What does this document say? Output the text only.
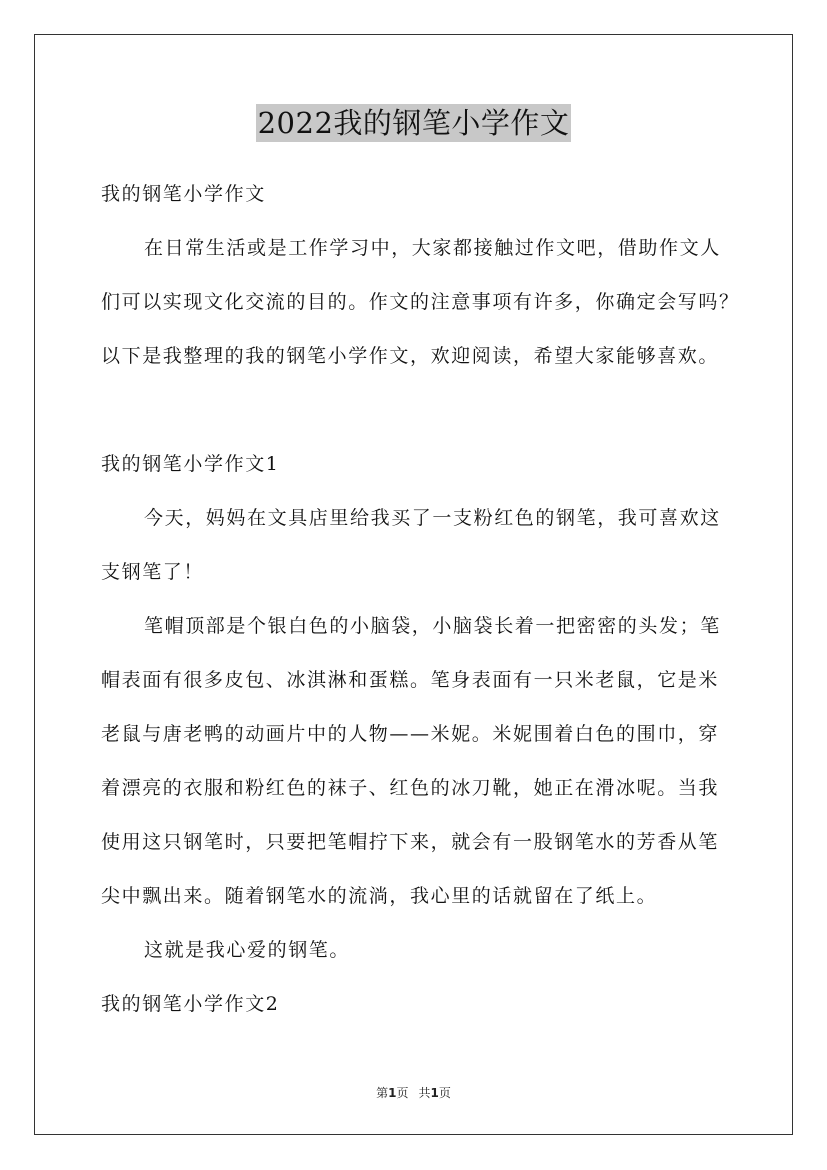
2022我的钢笔小学作文
我的钢笔小学作文
在日常生活或是工作学习中，大家都接触过作文吧，借助作文人
们可以实现文化交流的目的。作文的注意事项有许多，你确定会写吗？
以下是我整理的我的钢笔小学作文，欢迎阅读，希望大家能够喜欢。
我的钢笔小学作文1
今天，妈妈在文具店里给我买了一支粉红色的钢笔，我可喜欢这
支钢笔了！
笔帽顶部是个银白色的小脑袋，小脑袋长着一把密密的头发；笔
帽表面有很多皮包、冰淇淋和蛋糕。笔身表面有一只米老鼠，它是米
老鼠与唐老鸭的动画片中的人物——米妮。米妮围着白色的围巾，穿
着漂亮的衣服和粉红色的袜子、红色的冰刀靴，她正在滑冰呢。当我
使用这只钢笔时，只要把笔帽拧下来，就会有一股钢笔水的芳香从笔
尖中飘出来。随着钢笔水的流淌，我心里的话就留在了纸上。
这就是我心爱的钢笔。
我的钢笔小学作文2
第1页 共1页
